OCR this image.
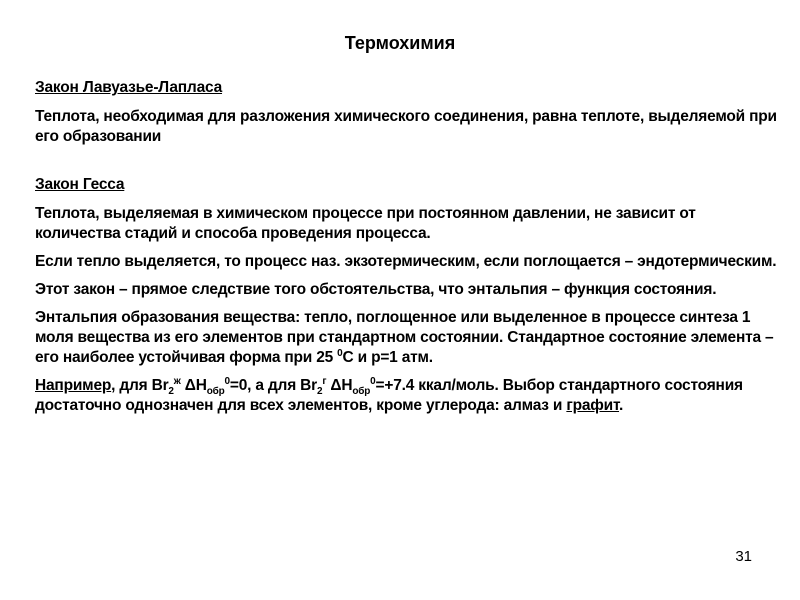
Термохимия

Закон Лавуазье-Лапласа

Теплота, необходимая для разложения химического соединения, равна теплоте, выделяемой при его образовании

Закон Гесса

Теплота, выделяемая в химическом процессе при постоянном давлении, не зависит от количества стадий и способа проведения процесса.

Если тепло выделяется, то процесс наз. экзотермическим, если поглощается – эндотермическим.

Этот закон – прямое следствие того обстоятельства, что энтальпия – функция состояния.

Энтальпия образования вещества: тепло, поглощенное или выделенное в процессе синтеза 1 моля вещества из его элементов при стандартном состоянии. Стандартное состояние элемента – его наиболее устойчивая форма при 25 $^0$С и p=1 атм.

Например, для $Br_2^ж$ $\Delta H_{обр}^0=0$, а для $Br_2^г$ $\Delta H_{обр}^0=+7.4$ ккал/моль. Выбор стандартного состояния достаточно однозначен для всех элементов, кроме углерода: алмаз и графит.

31
